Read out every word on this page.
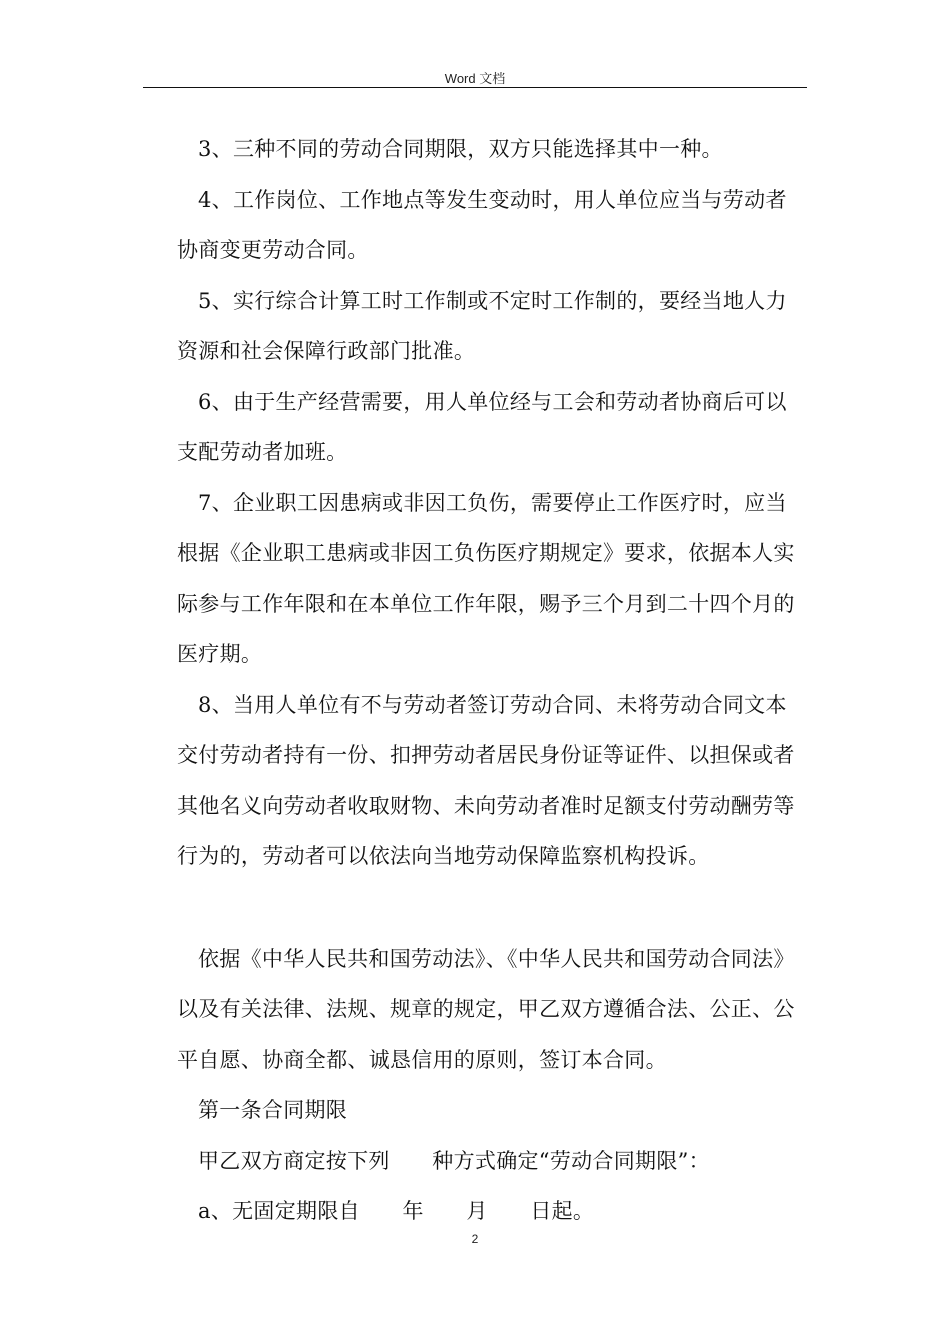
Word 文档

3、三种不同的劳动合同期限，双方只能选择其中一种。

4、工作岗位、工作地点等发生变动时，用人单位应当与劳动者协商变更劳动合同。

5、实行综合计算工时工作制或不定时工作制的，要经当地人力资源和社会保障行政部门批准。

6、由于生产经营需要，用人单位经与工会和劳动者协商后可以支配劳动者加班。

7、企业职工因患病或非因工负伤，需要停止工作医疗时，应当根据《企业职工患病或非因工负伤医疗期规定》要求，依据本人实际参与工作年限和在本单位工作年限，赐予三个月到二十四个月的医疗期。

8、当用人单位有不与劳动者签订劳动合同、未将劳动合同文本交付劳动者持有一份、扣押劳动者居民身份证等证件、以担保或者其他名义向劳动者收取财物、未向劳动者准时足额支付劳动酬劳等行为的，劳动者可以依法向当地劳动保障监察机构投诉。

依据《中华人民共和国劳动法》、《中华人民共和国劳动合同法》以及有关法律、法规、规章的规定，甲乙双方遵循合法、公正、公平自愿、协商全都、诚恳信用的原则，签订本合同。

第一条合同期限

甲乙双方商定按下列　　种方式确定“劳动合同期限”：

a、无固定期限自　　年　　月　　日起。

2
